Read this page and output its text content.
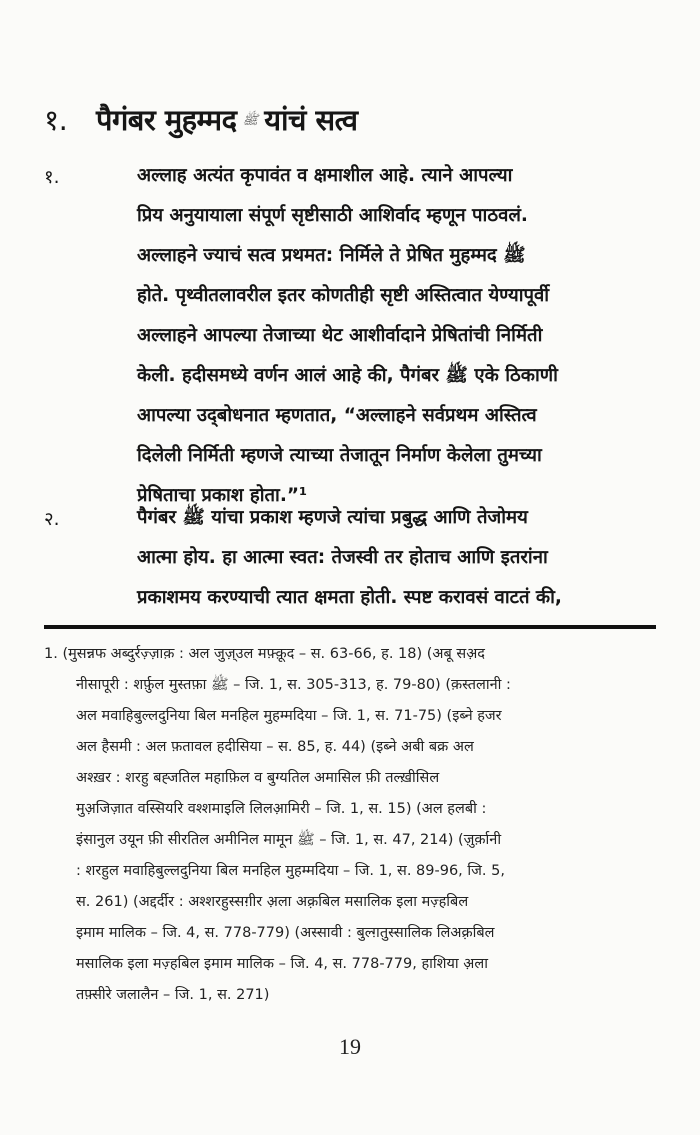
१. पैगंबर मुहम्मद ﷺ यांचं सत्व
१.	अल्लाह अत्यंत कृपावंत व क्षमाशील आहे. त्याने आपल्या
प्रिय अनुयायाला संपूर्ण सृष्टीसाठी आशिर्वाद म्हणून पाठवलं.
अल्लाहने ज्याचं सत्व प्रथमत: निर्मिले ते प्रेषित मुहम्मद ﷺ
होते. पृथ्वीतलावरील इतर कोणतीही सृष्टी अस्तित्वात येण्यापूर्वी
अल्लाहने आपल्या तेजाच्या थेट आशीर्वादाने प्रेषितांची निर्मिती
केली. हदीसमध्ये वर्णन आलं आहे की, पैगंबर ﷺ एके ठिकाणी
आपल्या उद्‌बोधनात म्हणतात, “अल्लाहने सर्वप्रथम अस्तित्व
दिलेली निर्मिती म्हणजे त्याच्या तेजातून निर्माण केलेला तुमच्या
प्रेषिताचा प्रकाश होता.”¹
२.	पैगंबर ﷺ यांचा प्रकाश म्हणजे त्यांचा प्रबुद्ध आणि तेजोमय
आत्मा होय. हा आत्मा स्वत: तेजस्वी तर होताच आणि इतरांना
प्रकाशमय करण्याची त्यात क्षमता होती. स्पष्ट करावसं वाटतं की,
1. (मुसन्नफ अब्दुर्रज़्ज़ाक़ : अल जुज़्उल मफ़्क़ूद – स. 63-66, ह. 18) (अबू सअ़द
नीसापूरी : शर्फ़ुल मुस्तफ़ा ﷺ – जि. 1, स. 305-313, ह. 79-80) (क़स्तलानी :
अल मवाहिबुल्लदुनिया बिल मनहिल मुहम्मदिया – जि. 1, स. 71-75) (इब्ने हजर
अल हैसमी : अल फ़तावल हदीसिया – स. 85, ह. 44) (इब्ने अबी बक्र अल
अश्ख़र : शरहु बह्जतिल महाफ़िल व बुग्यतिल अमासिल फ़ी तल्ख़ीसिल
मुअ़जिज़ात वस्सियरि वश्शमाइलि लिलआ़मिरी – जि. 1, स. 15) (अल हलबी :
इंसानुल उयून फ़ी सीरतिल अमीनिल मामून ﷺ – जि. 1, स. 47, 214) (ज़ुर्क़ानी
: शरहुल मवाहिबुल्लदुनिया बिल मनहिल मुहम्मदिया – जि. 1, स. 89-96, जि. 5,
स. 261) (अद्दर्दीर : अश्शरहुस्सग़ीर अ़ला अक़्रबिल मसालिक इला मज़्हबिल
इमाम मालिक – जि. 4, स. 778-779) (अस्सावी : बुल्ग़तुस्सालिक लिअक़्रबिल
मसालिक इला मज़्हबिल इमाम मालिक – जि. 4, स. 778-779, हाशिया अ़ला
तफ़्सीरे जलालैन – जि. 1, स. 271)
19
